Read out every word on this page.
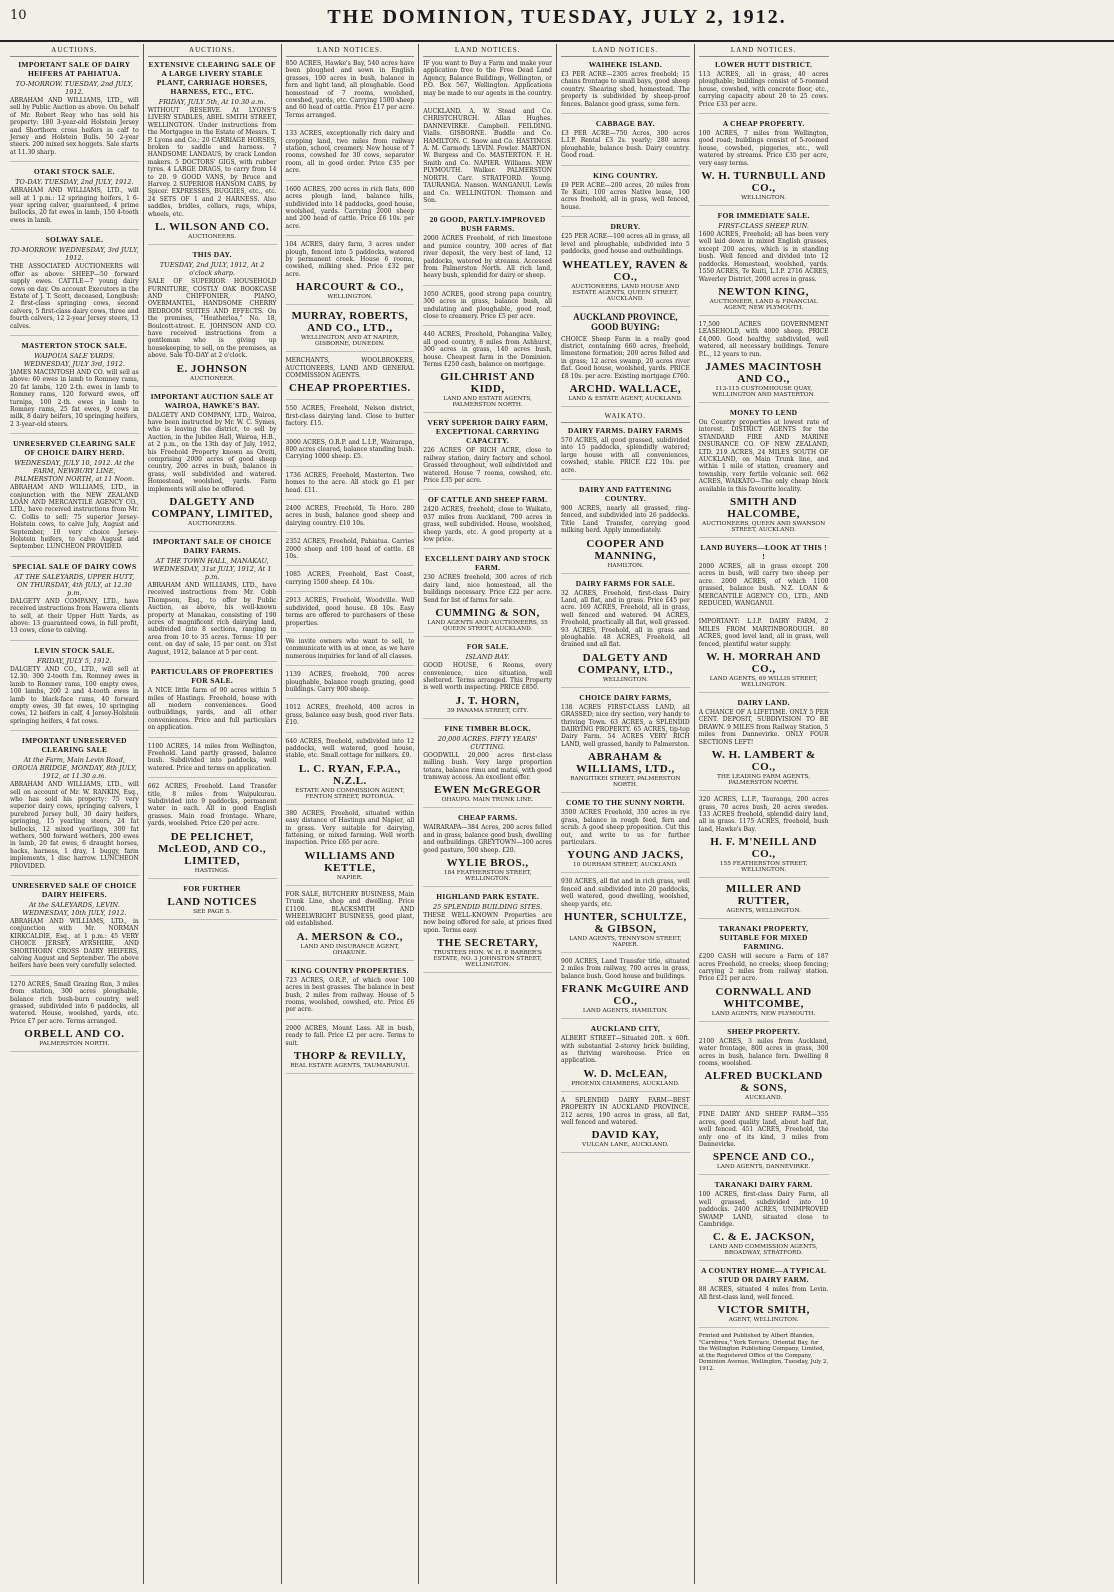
10	THE DOMINION, TUESDAY, JULY 2, 1912.
AUCTIONS.
IMPORTANT SALE OF DAIRY HEIFERS AT PAHIATUA.
TO-MORROW. TUESDAY, 2nd JULY, 1912.

ABRAHAM AND WILLIAMS, LTD., will sell by Public Auction as above. On behalf of Mr. Robert Reay who has sold his property: 180 3-year-old Holstein Jersey and Shorthorn cross heifers in calf to Jersey and Holstein Bulls. 50 2-year steers. 200 mixed sex hoggets. Sale starts at 11.30 sharp.

OTAKI STOCK SALE.
TO-DAY. TUESDAY, 2nd JULY, 1912.

ABRAHAM AND WILLIAMS, LTD., will sell at 1 p.m.: 12 springing heifers, 1 6-year spring calver, guaranteed, 4 prime bullocks, 20 fat ewes in lamb, 150 4-tooth ewes in lamb.

SOLWAY SALE.
TO-MORROW. WEDNESDAY, 3rd JULY, 1912.

THE ASSOCIATED AUCTIONEERS will offer as above: SHEEP—50 forward supply ewes. CATTLE—7 young dairy cows on day. On account Executors in the Estate of J. T. Scott, deceased, Longbush: 2 first-class springing cows, second calvers, 5 first-class dairy cows, three and fourth calvers, 12 2-year Jersey steers, 13 calves.

MASTERTON STOCK SALE.
WAIPOUA SALE YARDS. WEDNESDAY, JULY 3rd, 1912.

JAMES MACINTOSH AND CO. will sell as above: 60 ewes in lamb to Romney rams, 20 fat lambs, 120 2-th. ewes in lamb to Romney rams, 120 forward ewes, off turnips, 100 2-th. ewes in lamb to Romney rams, 25 fat ewes, 9 cows in milk, 8 dairy heifers, 10 springing heifers, 2 3-year-old steers.

UNRESERVED CLEARING SALE OF CHOICE DAIRY HERD.
WEDNESDAY, JULY 10, 1912. At the FARM, NEWBURY LINE, PALMERSTON NORTH, at 11 Noon.

ABRAHAM AND WILLIAMS, LTD., in conjunction with the NEW ZEALAND LOAN AND MERCANTILE AGENCY CO., LTD., have received instructions from Mr. C. Collis to sell: 75 superior Jersey-Holstein cows, to calve July, August and September, 10 very choice Jersey-Holstein heifers, to calve August and September. LUNCHEON PROVIDED.

SPECIAL SALE OF DAIRY COWS
AT THE SALEYARDS, UPPER HUTT, ON THURSDAY, 4th JULY, at 12.30 p.m.

DALGETY AND COMPANY, LTD., have received instructions from Hawera clients to sell, at their Upper Hutt Yards, as above: 13 guaranteed cows, in full profit, 13 cows, close to calving.

LEVIN STOCK SALE.
FRIDAY, JULY 5, 1912.

DALGETY AND CO., LTD., will sell at 12.30: 300 2-tooth f.m. Romney ewes in lamb to Romney rams, 100 empty ewes, 100 lambs, 200 2 and 4-tooth ewes in lamb to black-face rams, 40 forward empty ewes, 30 fat ewes, 10 springing cows, 12 heifers in calf, 4 Jersey-Holstein springing heifers, 4 fat cows.

IMPORTANT UNRESERVED CLEARING SALE
At the Farm, Main Levin Road, OROUA BRIDGE, MONDAY, 8th JULY, 1912, at 11.30 a.m.

ABRAHAM AND WILLIAMS, LTD., will sell on account of Mr. W. RANKIN, Esq., who has sold his property: 75 very superior dairy cows, springing calvers, 1 purebred Jersey bull, 30 dairy heifers, springing, 15 yearling steers, 24 fat bullocks, 12 mixed yearlings, 300 fat wethers, 500 forward wethers, 200 ewes in lamb, 20 fat ewes, 6 draught horses, hacks, harness, 1 dray, 1 buggy, farm implements, 1 disc harrow. LUNCHEON PROVIDED.

UNRESERVED SALE OF CHOICE DAIRY HEIFERS.
At the SALEYARDS, LEVIN. WEDNESDAY, 10th JULY, 1912.

ABRAHAM AND WILLIAMS, LTD., in conjunction with Mr. NORMAN KIRKCALDIE, Esq., at 1 p.m.: 45 VERY CHOICE JERSEY, AYRSHIRE, AND SHORTHORN CROSS DAIRY HEIFERS, calving August and September. The above heifers have been very carefully selected.

1270 ACRES, Small Grazing Run, 3 miles from station, 300 acres ploughable, balance rich bush-burn country, well grassed, subdivided into 6 paddocks, all watered. House, woolshed, yards, etc. Price £7 per acre. Terms arranged.

ORBELL AND CO.
PALMERSTON NORTH.
AUCTIONS.
EXTENSIVE CLEARING SALE OF A LARGE LIVERY STABLE PLANT, CARRIAGE HORSES, HARNESS, ETC., ETC.
FRIDAY, JULY 5th, At 10.30 a.m.

WITHOUT RESERVE. At LYONS'S LIVERY STABLES, ABEL SMITH STREET, WELLINGTON. Under instructions from the Mortgagee in the Estate of Messrs. T. P. Lyons and Co.: 20 CARRIAGE HORSES, broken to saddle and harness. 7 HANDSOME LANDAUS, by crack London makers. 5 DOCTORS' GIGS, with rubber tyres. 4 LARGE DRAGS, to carry from 14 to 20. 9 GOOD VANS, by Bruce and Harvey. 2 SUPERIOR HANSOM CABS, by Spicer. EXPRESSES, BUGGIES, etc., etc. 24 SETS OF 1 and 2 HARNESS. Also saddles, bridles, collars, rugs, whips, wheels, etc.

L. WILSON AND CO.
AUCTIONEERS.
THIS DAY.
TUESDAY, 2nd JULY, 1912, At 2 o'clock sharp.

SALE OF SUPERIOR HOUSEHOLD FURNITURE, COSTLY OAK BOOKCASE AND CHIFFONIER, PIANO, OVERMANTEL, HANDSOME CHERRY BEDROOM SUITES AND EFFECTS. On the premises, "Heatherlea," No. 18, Boulcott-street. E. JOHNSON AND CO. have received instructions from a gentleman who is giving up housekeeping, to sell, on the premises, as above. Sale TO-DAY at 2 o'clock.

E. JOHNSON
AUCTIONEER.
IMPORTANT AUCTION SALE AT WAIROA, HAWKE'S BAY.

DALGETY AND COMPANY, LTD., Wairoa, have been instructed by Mr. W. C. Symes, who is leaving the district, to sell by Auction, in the Jubilee Hall, Wairoa, H.B., at 2 p.m., on the 13th day of July, 1912, his Freehold Property known as Oreiti, comprising 2000 acres of good sheep country, 200 acres in bush, balance in grass, well subdivided and watered. Homestead, woolshed, yards. Farm implements will also be offered.

DALGETY AND COMPANY, LIMITED,
AUCTIONEERS.
IMPORTANT SALE OF CHOICE DAIRY FARMS.
AT THE TOWN HALL, MANAKAU, WEDNESDAY, 31st JULY, 1912, At 1 p.m.

ABRAHAM AND WILLIAMS, LTD., have received instructions from Mr. Cobb Thompson, Esq., to offer by Public Auction, as above, his well-known property at Manakau, consisting of 190 acres of magnificent rich dairying land, subdivided into 8 sections, ranging in area from 10 to 35 acres. Terms: 10 per cent. on day of sale, 15 per cent. on 31st August, 1912, balance at 5 per cent.

PARTICULARS OF PROPERTIES FOR SALE.

A NICE little farm of 90 acres within 5 miles of Hastings. Freehold, house with all modern conveniences. Good outbuildings, yards, and all other conveniences. Price and full particulars on application.

1100 ACRES, 14 miles from Wellington, Freehold. Land partly grassed, balance bush. Subdivided into paddocks, well watered. Price and terms on application.

662 ACRES, Freehold. Land Transfer title, 8 miles from Waipukurau. Subdivided into 9 paddocks, permanent water in each. All in good English grasses. Main road frontage. Whare, yards, woolshed. Price £20 per acre.

DE PELICHET, McLEOD, AND CO., LIMITED,
HASTINGS.
FOR FURTHER
LAND NOTICES
SEE PAGE 5.
LAND NOTICES.

850 ACRES, Hawke's Bay, 540 acres have been ploughed and sown in English grasses, 100 acres in bush, balance in fern and light land, all ploughable. Good homestead of 7 rooms, woolshed, cowshed, yards, etc. Carrying 1500 sheep and 60 head of cattle. Price £17 per acre. Terms arranged.

133 ACRES, exceptionally rich dairy and cropping land, two miles from railway station, school, creamery. New house of 7 rooms, cowshed for 30 cows, separator room, all in good order. Price £35 per acre.

1600 ACRES, 200 acres in rich flats, 600 acres plough land, balance hills, subdivided into 14 paddocks, good house, woolshed, yards. Carrying 2000 sheep and 200 head of cattle. Price £6 10s. per acre.

104 ACRES, dairy farm, 3 acres under plough, fenced into 5 paddocks, watered by permanent creek. House 6 rooms, cowshed, milking shed. Price £32 per acre.

HARCOURT & CO.,
WELLINGTON.
MURRAY, ROBERTS, AND CO., LTD.,
WELLINGTON, AND AT NAPIER, GISBORNE, DUNEDIN.

MERCHANTS, WOOLBROKERS, AUCTIONEERS, LAND AND GENERAL COMMISSION AGENTS.

CHEAP PROPERTIES.

550 ACRES, Freehold, Nelson district, first-class dairying land. Close to butter factory. £15.

3000 ACRES, O.R.P. and L.I.P., Wairarapa, 800 acres cleared, balance standing bush. Carrying 1000 sheep. £5.

1736 ACRES, Freehold, Masterton. Two homes to the acre. All stock go £1 per head. £11.

2400 ACRES, Freehold, Te Horo. 280 acres in bush, balance good sheep and dairying country. £10 10s.

2352 ACRES, Freehold, Pahiatua. Carries 2000 sheep and 100 head of cattle. £8 10s.

1085 ACRES, Freehold, East Coast, carrying 1500 sheep. £4 10s.

2913 ACRES, Freehold, Woodville. Well subdivided, good house. £8 10s. Easy terms are offered to purchasers of these properties.

We invite owners who want to sell, to communicate with us at once, as we have numerous inquiries for land of all classes.

1139 ACRES, freehold, 700 acres ploughable, balance rough grazing, good buildings. Carry 900 sheep.

1012 ACRES, freehold, 400 acres in grass, balance easy bush, good river flats. £10.

640 ACRES, freehold, subdivided into 12 paddocks, well watered, good house, stable, etc. Small cottage for milkers. £9.

L. C. RYAN, F.P.A., N.Z.L.
ESTATE AND COMMISSION AGENT, FENTON STREET, ROTORUA.

380 ACRES, Freehold, situated within easy distance of Hastings and Napier, all in grass. Very suitable for dairying, fattening, or mixed farming. Well worth inspection. Price £65 per acre.

WILLIAMS AND KETTLE,
NAPIER.

FOR SALE, BUTCHERY BUSINESS, Main Trunk Line, shop and dwelling. Price £1100. BLACKSMITH AND WHEELWRIGHT BUSINESS, good plant, old established.

A. MERSON & CO.,
LAND AND INSURANCE AGENT, OHAKUNE.
KING COUNTRY PROPERTIES.

723 ACRES, O.R.P., of which over 100 acres in best grasses. The balance in best bush, 2 miles from railway. House of 5 rooms, woolshed, cowshed, etc. Price £6 per acre.

2000 ACRES, Mount Lass. All in bush, ready to fall. Price £2 per acre. Terms to suit.

THORP & REVILLY,
REAL ESTATE AGENTS, TAUMARUNUI.
LAND NOTICES.

IF you want to Buy a Farm and make your application free to the Free Dead Land Agency, Balance Buildings, Wellington, or P.O. Box 567, Wellington. Applications may be made to our agents in the country.

AUCKLAND. A. W. Stead and Co. CHRISTCHURCH. Allan Hughes. DANNEVIRKE. Campbell. FEILDING. Vialls. GISBORNE. Buddle and Co. HAMILTON. C. Snow and Co. HASTINGS. A. M. Carmody. LEVIN. Fowler. MARTON. W. Burgess and Co. MASTERTON. F. H. Smith and Co. NAPIER. Williams. NEW PLYMOUTH. Walker. PALMERSTON NORTH. Carr. STRATFORD. Young. TAURANGA. Nanson. WANGANUI. Lewis and Co. WELLINGTON. Thomson and Son.

20 GOOD, PARTLY-IMPROVED BUSH FARMS.

2000 ACRES Freehold, of rich limestone and pumice country, 300 acres of flat river deposit, the very best of land, 12 paddocks, watered by streams. Accessed from Palmerston North. All rich land, heavy bush, splendid for dairy or sheep.

1050 ACRES, good strong papa country, 300 acres in grass, balance bush, all undulating and ploughable, good road, close to creamery. Price £5 per acre.

440 ACRES, Freehold, Pohangina Valley, all good country, 8 miles from Ashhurst, 300 acres in grass, 140 acres bush, house. Cheapest farm in the Dominion. Terms £250 cash, balance on mortgage.

GILCHRIST AND KIDD,
LAND AND ESTATE AGENTS, PALMERSTON NORTH.
VERY SUPERIOR DAIRY FARM, EXCEPTIONAL CARRYING CAPACITY.

226 ACRES OF RICH ACRE, close to railway station, dairy factory and school. Grassed throughout, well subdivided and watered. House 7 rooms, cowshed, etc. Price £35 per acre.

OF CATTLE AND SHEEP FARM.

2420 ACRES, freehold, close to Waikato, 937 miles from Auckland, 700 acres in grass, well subdivided. House, woolshed, sheep yards, etc. A good property at a low price.

EXCELLENT DAIRY AND STOCK FARM.

230 ACRES freehold, 300 acres of rich dairy land, nice homestead, all the buildings necessary. Price £22 per acre. Send for list of farms for sale.

CUMMING & SON,
LAND AGENTS AND AUCTIONEERS, 35 QUEEN STREET, AUCKLAND.
FOR SALE.
ISLAND BAY.

GOOD HOUSE, 6 Rooms, every convenience, nice situation, well sheltered. Terms arranged. This Property is well worth inspecting. PRICE £850.

J. T. HORN,
39 PANAMA STREET, CITY.
FINE TIMBER BLOCK.
20,000 ACRES. FIFTY YEARS' CUTTING.

GOODWILL 20,000 acres first-class milling bush. Very large proportion totara, balance rimu and matai, with good tramway access. An excellent offer.

EWEN McGREGOR
OHAUPO. MAIN TRUNK LINE.
CHEAP FARMS.

WAIRARAPA—384 Acres, 200 acres felled and in grass, balance good bush, dwelling and outbuildings. GREYTOWN—100 acres good pasture, 500 sheep. £20.

WYLIE BROS.,
184 FEATHERSTON STREET, WELLINGTON.
HIGHLAND PARK ESTATE.
25 SPLENDID BUILDING SITES.

THESE WELL-KNOWN Properties are now being offered for sale, at prices fixed upon. Terms easy.

THE SECRETARY,
TRUSTEES HON. W. H. P. BARBER'S ESTATE, NO. 3 JOHNSTON STREET, WELLINGTON.
LAND NOTICES.
WAIHEKE ISLAND.

£3 PER ACRE—2305 acres freehold; 15 chains frontage to small bays, good sheep country. Shearing shed, homestead. The property is subdivided by sheep-proof fences. Balance good grass, some fern.

CABBAGE BAY.

£3 PER ACRE—750 Acres, 300 acres L.I.P. Rental £3 2s. yearly; 280 acres ploughable, balance bush. Dairy country. Good road.

KING COUNTRY.

£9 PER ACRE—200 acres, 20 miles from Te Kuiti, 100 acres Native lease, 100 acres freehold, all in grass, well fenced, house.

DRURY.

£25 PER ACRE—100 acres all in grass, all level and ploughable, subdivided into 5 paddocks, good house and outbuildings.

WHEATLEY, RAVEN & CO.,
AUCTIONEERS, LAND HOUSE AND ESTATE AGENTS, QUEEN STREET, AUCKLAND.
AUCKLAND PROVINCE, GOOD BUYING:

CHOICE Sheep Farm in a really good district, containing 660 acres, freehold, limestone formation; 200 acres felled and in grass; 12 acres swamp, 20 acres river flat. Good house, woolshed, yards. PRICE £8 10s. per acre. Existing mortgage £760.

ARCHD. WALLACE,
LAND & ESTATE AGENT, AUCKLAND.
WAIKATO.
DAIRY FARMS. DAIRY FARMS

570 ACRES, all good grassed, subdivided into 15 paddocks, splendidly watered; large house with all conveniences, cowshed, stable. PRICE £22 10s. per acre.

DAIRY AND FATTENING COUNTRY.

900 ACRES, nearly all grassed, ring-fenced, and subdivided into 26 paddocks. Title Land Transfer, carrying good milking herd. Apply immediately.

COOPER AND MANNING,
HAMILTON.
DAIRY FARMS FOR SALE.

32 ACRES, Freehold, first-class Dairy Land, all flat, and in grass. Price £45 per acre. 169 ACRES, Freehold, all in grass, well fenced and watered. 94 ACRES, Freehold, practically all flat, well grassed. 93 ACRES, Freehold, all in grass and ploughable. 48 ACRES, Freehold, all drained and all flat.

DALGETY AND COMPANY, LTD.,
WELLINGTON.
CHOICE DAIRY FARMS,

138 ACRES FIRST-CLASS LAND, all GRASSED; nice dry section, very handy to thriving Town. 63 ACRES, a SPLENDID DAIRYING PROPERTY. 65 ACRES, tip-top Dairy Farm. 54 ACRES VERY RICH LAND, well grassed, handy to Palmerston.

ABRAHAM & WILLIAMS, LTD.,
RANGITIKEI STREET, PALMERSTON NORTH.
COME TO THE SUNNY NORTH.

3500 ACRES Freehold, 350 acres in rye grass, balance in rough feed, fern and scrub. A good sheep proposition. Cut this out, and write to us for further particulars.

YOUNG AND JACKS,
10 DURHAM STREET, AUCKLAND.

930 ACRES, all flat and in rich grass, well fenced and subdivided into 20 paddocks, well watered, good dwelling, woolshed, sheep yards, etc.

HUNTER, SCHULTZE, & GIBSON,
LAND AGENTS, TENNYSON STREET, NAPIER.

900 ACRES, Land Transfer title, situated 2 miles from railway, 700 acres in grass, balance bush. Good house and buildings.

FRANK McGUIRE AND CO.,
LAND AGENTS, HAMILTON.
AUCKLAND CITY,

ALBERT STREET—Situated 20ft. x 60ft. with substantial 2-storey brick building, as thriving warehouse. Price on application.

W. D. McLEAN,
PHOENIX CHAMBERS, AUCKLAND.

A SPLENDID DAIRY FARM—BEST PROPERTY IN AUCKLAND PROVINCE. 212 acres, 190 acres in grass, all flat, well fenced and watered.

DAVID KAY,
VULCAN LANE, AUCKLAND.
LAND NOTICES.
LOWER HUTT DISTRICT.

113 ACRES, all in grass, 40 acres ploughable; buildings consist of 5-roomed house, cowshed, with concrete floor, etc., carrying capacity about 20 to 25 cows. Price £33 per acre.

A CHEAP PROPERTY.

100 ACRES, 7 miles from Wellington, good road; buildings consist of 5-roomed house, cowshed, piggeries, etc., well watered by streams. Price £35 per acre, very easy terms.

W. H. TURNBULL AND CO.,
WELLINGTON.
FOR IMMEDIATE SALE.
FIRST-CLASS SHEEP RUN.

1600 ACRES, Freehold; all has been very well laid down in mixed English grasses, except 200 acres, which is in standing bush. Well fenced and divided into 12 paddocks. Homestead, woolshed, yards. 1550 ACRES, Te Kuiti, L.I.P. 2716 ACRES, Waverley District, 2000 acres in grass.

NEWTON KING,
AUCTIONEER, LAND & FINANCIAL AGENT, NEW PLYMOUTH.

17,500 ACRES GOVERNMENT LEASEHOLD, with 4000 sheep. PRICE £4,000. Good healthy, subdivided, well watered, all necessary buildings. Tenure P.L., 12 years to run.

JAMES MACINTOSH AND CO.,
113-115 CUSTOMHOUSE QUAY, WELLINGTON AND MASTERTON.
MONEY TO LEND

On Country properties at lowest rate of interest. DISTRICT AGENTS for the STANDARD FIRE AND MARINE INSURANCE CO. OF NEW ZEALAND, LTD. 219 ACRES, 24 MILES SOUTH OF AUCKLAND, on Main Trunk line, and within 1 mile of station, creamery and township, very fertile volcanic soil. 662 ACRES, WAIKATO—The only cheap block available in this favourite locality.

SMITH AND HALCOMBE,
AUCTIONEERS, QUEEN AND SWANSON STREET, AUCKLAND.
LAND BUYERS—LOOK AT THIS ! !

2000 ACRES, all in grass except 200 acres in bush, will carry two sheep per acre. 2000 ACRES, of which 1100 grassed, balance bush. N.Z. LOAN & MERCANTILE AGENCY CO., LTD., AND REDUCED, WANGANUI.

IMPORTANT: L.I.P. DAIRY FARM, 2 MILES FROM MARTINBOROUGH. 80 ACRES, good level land, all in grass, well fenced, plentiful water supply.

W. H. MORRAH AND CO.,
LAND AGENTS, 69 WILLIS STREET, WELLINGTON.
DAIRY LAND.

A CHANCE OF A LIFETIME. ONLY 5 PER CENT. DEPOSIT, SUBDIVISION TO BE DRAWN. 9 MILES from Railway Station, 5 miles from Dannevirke. ONLY FOUR SECTIONS LEFT!

W. H. LAMBERT & CO.,
THE LEADING FARM AGENTS, PALMERSTON NORTH.

320 ACRES, L.I.P., Tauranga, 200 acres grass, 70 acres bush, 20 acres swedes. 133 ACRES freehold, splendid dairy land, all in grass. 1175 ACRES, freehold, bush land, Hawke's Bay.

H. F. M'NEILL AND CO.,
155 FEATHERSTON STREET, WELLINGTON.
MILLER AND RUTTER,
AGENTS, WELLINGTON.
TARANAKI PROPERTY, SUITABLE FOR MIXED FARMING.

£200 CASH will secure a Farm of 187 acres Freehold, no creeks; sheep fencing; carrying 2 miles from railway station. Price £21 per acre.

CORNWALL AND WHITCOMBE,
LAND AGENTS, NEW PLYMOUTH.
SHEEP PROPERTY.

2100 ACRES, 3 miles from Auckland, water frontage, 800 acres in grass, 300 acres in bush, balance fern. Dwelling 8 rooms, woolshed.

ALFRED BUCKLAND & SONS,
AUCKLAND.

FINE DAIRY AND SHEEP FARM—355 acres, good quality land, about half flat, well fenced. 451 ACRES, Freehold, the only one of its kind, 3 miles from Dannevirke.

SPENCE AND CO.,
LAND AGENTS, DANNEVIRKE.
TARANAKI DAIRY FARM.

100 ACRES, first-class Dairy Farm, all well grassed, subdivided into 10 paddocks. 2400 ACRES, UNIMPROVED SWAMP LAND, situated close to Cambridge.

C. & E. JACKSON,
LAND AND COMMISSION AGENTS, BROADWAY, STRATFORD.
A COUNTRY HOME—A TYPICAL STUD OR DAIRY FARM.

88 ACRES, situated 4 miles from Levin. All first-class land, well fenced.

VICTOR SMITH,
AGENT, WELLINGTON.

Printed and Published by Albert Blanden, "Carnbrea," York Terrace, Oriental Bay, for the Wellington Publishing Company, Limited, at the Registered Office of the Company, Dominion Avenue, Wellington, Tuesday, July 2, 1912.
